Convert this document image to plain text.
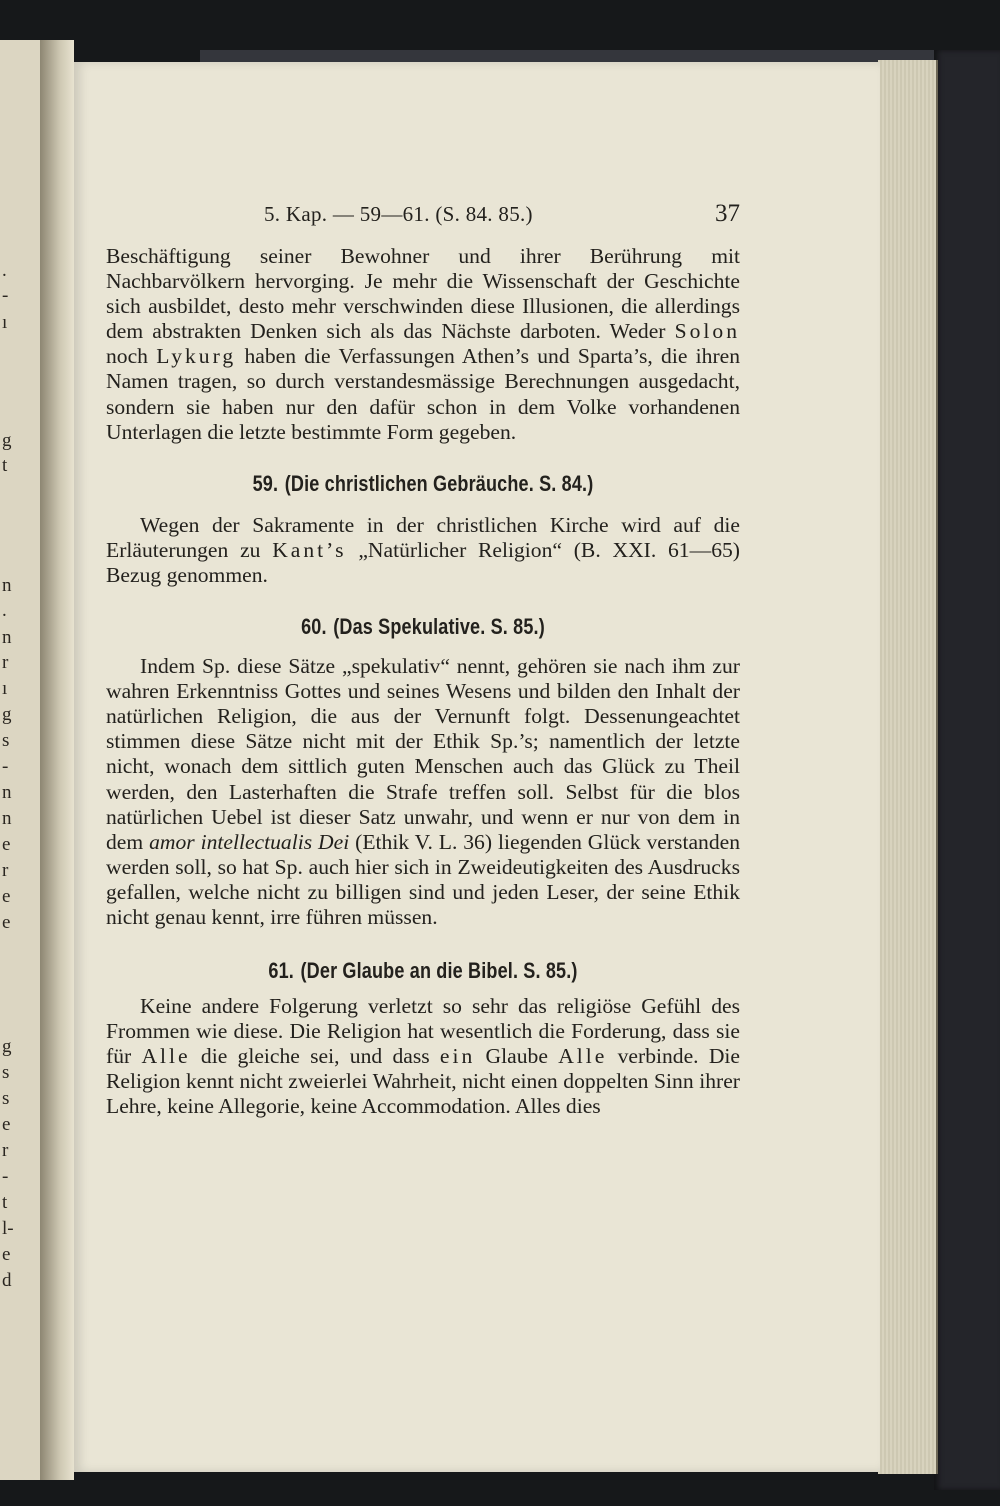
.
-
ı
g
t
n
.
n
r
ı
g
s
-
n
n
e
r
e
e
g
s
s
e
r
-
t
l-
e
d
5. Kap. — 59—61. (S. 84. 85.)	37

Beschäftigung seiner Bewohner und ihrer Berührung mit Nachbarvölkern hervorging. Je mehr die Wissenschaft der Geschichte sich ausbildet, desto mehr verschwinden diese Illusionen, die allerdings dem abstrakten Denken sich als das Nächste darboten. Weder Solon noch Lykurg haben die Verfassungen Athen’s und Sparta’s, die ihren Namen tragen, so durch verstandesmässige Berechnungen ausgedacht, sondern sie haben nur den dafür schon in dem Volke vorhandenen Unterlagen die letzte bestimmte Form gegeben.

59. (Die christlichen Gebräuche. S. 84.)

Wegen der Sakramente in der christlichen Kirche wird auf die Erläuterungen zu Kant’s „Natürlicher Religion“ (B. XXI. 61—65) Bezug genommen.

60. (Das Spekulative. S. 85.)

Indem Sp. diese Sätze „spekulativ“ nennt, gehören sie nach ihm zur wahren Erkenntniss Gottes und seines Wesens und bilden den Inhalt der natürlichen Religion, die aus der Vernunft folgt. Dessenungeachtet stimmen diese Sätze nicht mit der Ethik Sp.’s; namentlich der letzte nicht, wonach dem sittlich guten Menschen auch das Glück zu Theil werden, den Lasterhaften die Strafe treffen soll. Selbst für die blos natürlichen Uebel ist dieser Satz unwahr, und wenn er nur von dem in dem amor intellectualis Dei (Ethik V. L. 36) liegenden Glück verstanden werden soll, so hat Sp. auch hier sich in Zweideutigkeiten des Ausdrucks gefallen, welche nicht zu billigen sind und jeden Leser, der seine Ethik nicht genau kennt, irre führen müssen.

61. (Der Glaube an die Bibel. S. 85.)

Keine andere Folgerung verletzt so sehr das religiöse Gefühl des Frommen wie diese. Die Religion hat wesentlich die Forderung, dass sie für Alle die gleiche sei, und dass ein Glaube Alle verbinde. Die Religion kennt nicht zweierlei Wahrheit, nicht einen doppelten Sinn ihrer Lehre, keine Allegorie, keine Accommodation. Alles dies
